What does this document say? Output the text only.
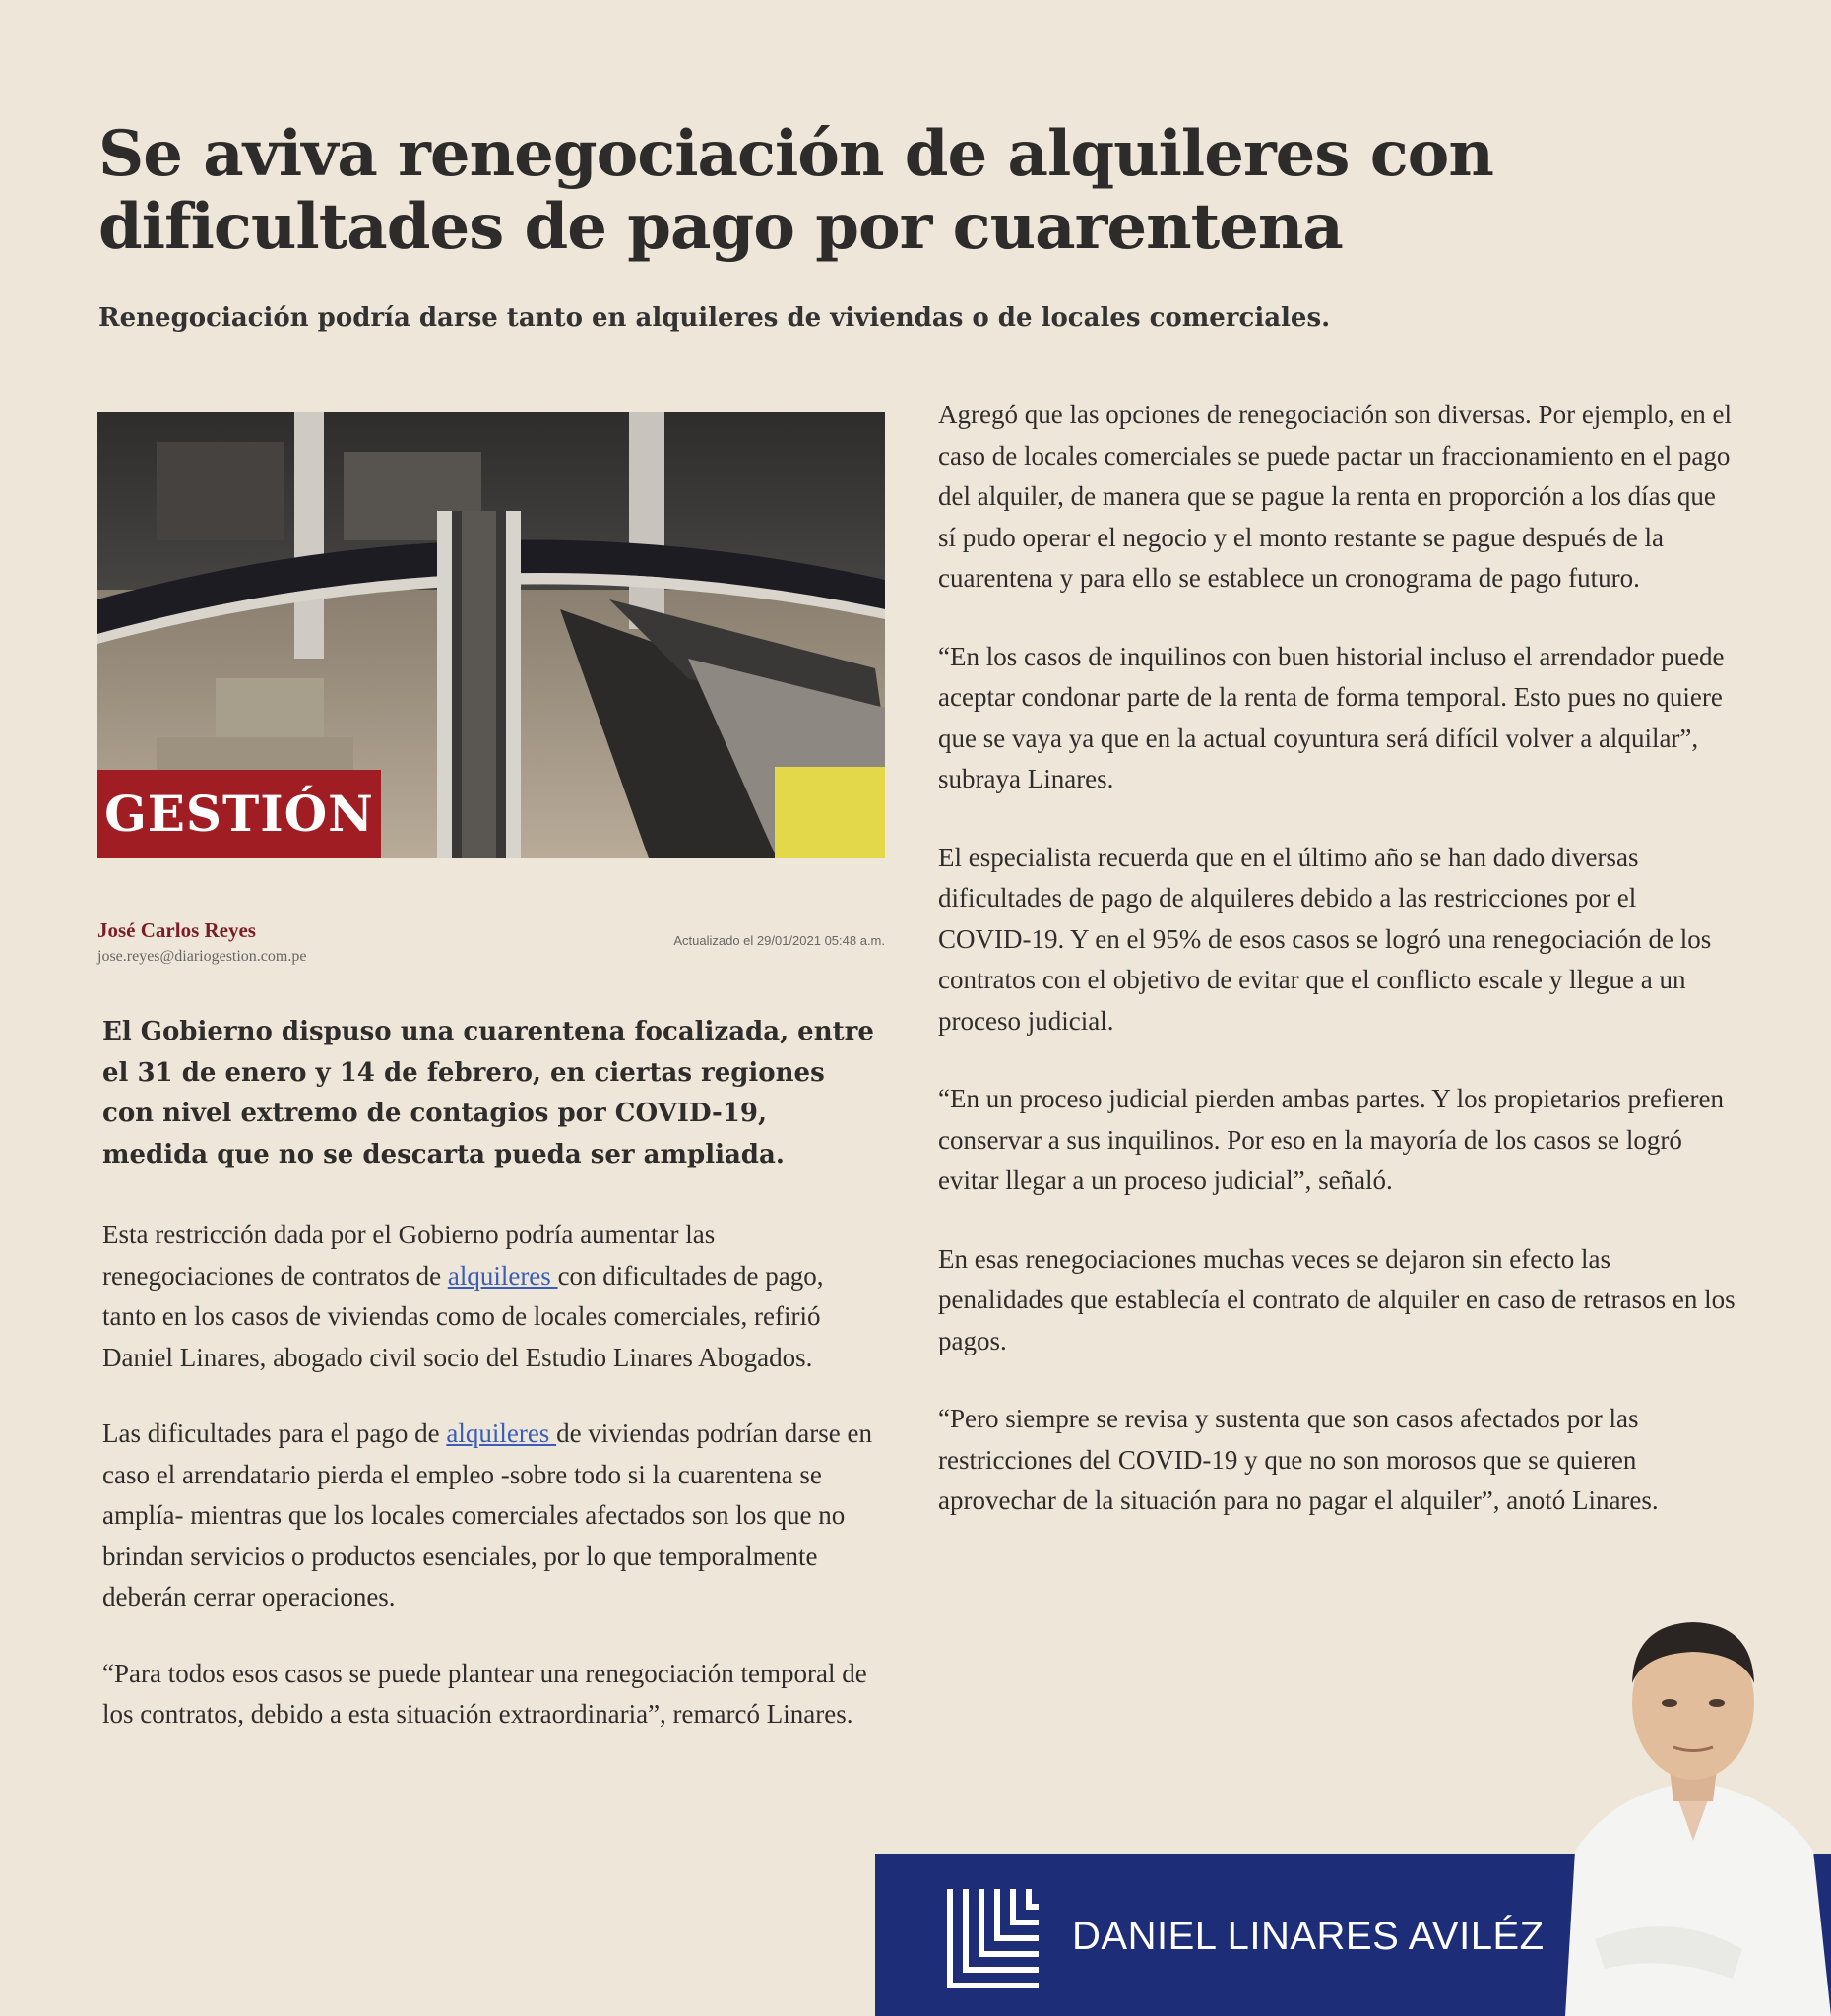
Se aviva renegociación de alquileres con dificultades de pago por cuarentena
Renegociación podría darse tanto en alquileres de viviendas o de locales comerciales.
GESTIÓN

José Carlos Reyes

jose.reyes@diariogestion.com.pe

Actualizado el 29/01/2021 05:48 a.m.

El Gobierno dispuso una cuarentena focalizada, entre el 31 de enero y 14 de febrero, en ciertas regiones con nivel extremo de contagios por COVID-19, medida que no se descarta pueda ser ampliada.

Esta restricción dada por el Gobierno podría aumentar las renegociaciones de contratos de alquileres con dificultades de pago, tanto en los casos de viviendas como de locales comerciales, refirió Daniel Linares, abogado civil socio del Estudio Linares Abogados.

Las dificultades para el pago de alquileres de viviendas podrían darse en caso el arrendatario pierda el empleo -sobre todo si la cuarentena se amplía- mientras que los locales comerciales afectados son los que no brindan servicios o productos esenciales, por lo que temporalmente deberán cerrar operaciones.

“Para todos esos casos se puede plantear una renegociación temporal de los contratos, debido a esta situación extraordinaria”, remarcó Linares.

Agregó que las opciones de renegociación son diversas. Por ejemplo, en el caso de locales comerciales se puede pactar un fraccionamiento en el pago del alquiler, de manera que se pague la renta en proporción a los días que sí pudo operar el negocio y el monto restante se pague después de la cuarentena y para ello se establece un cronograma de pago futuro.

“En los casos de inquilinos con buen historial incluso el arrendador puede aceptar condonar parte de la renta de forma temporal. Esto pues no quiere que se vaya ya que en la actual coyuntura será difícil volver a alquilar”, subraya Linares.

El especialista recuerda que en el último año se han dado diversas dificultades de pago de alquileres debido a las restricciones por el COVID-19. Y en el 95% de esos casos se logró una renegociación de los contratos con el objetivo de evitar que el conflicto escale y llegue a un proceso judicial.

“En un proceso judicial pierden ambas partes. Y los propietarios prefieren conservar a sus inquilinos. Por eso en la mayoría de los casos se logró evitar llegar a un proceso judicial”, señaló.

En esas renegociaciones muchas veces se dejaron sin efecto las penalidades que establecía el contrato de alquiler en caso de retrasos en los pagos.

“Pero siempre se revisa y sustenta que son casos afectados por las restricciones del COVID-19 y que no son morosos que se quieren aprovechar de la situación para no pagar el alquiler”, anotó Linares.

DANIEL LINARES AVILÉZ
